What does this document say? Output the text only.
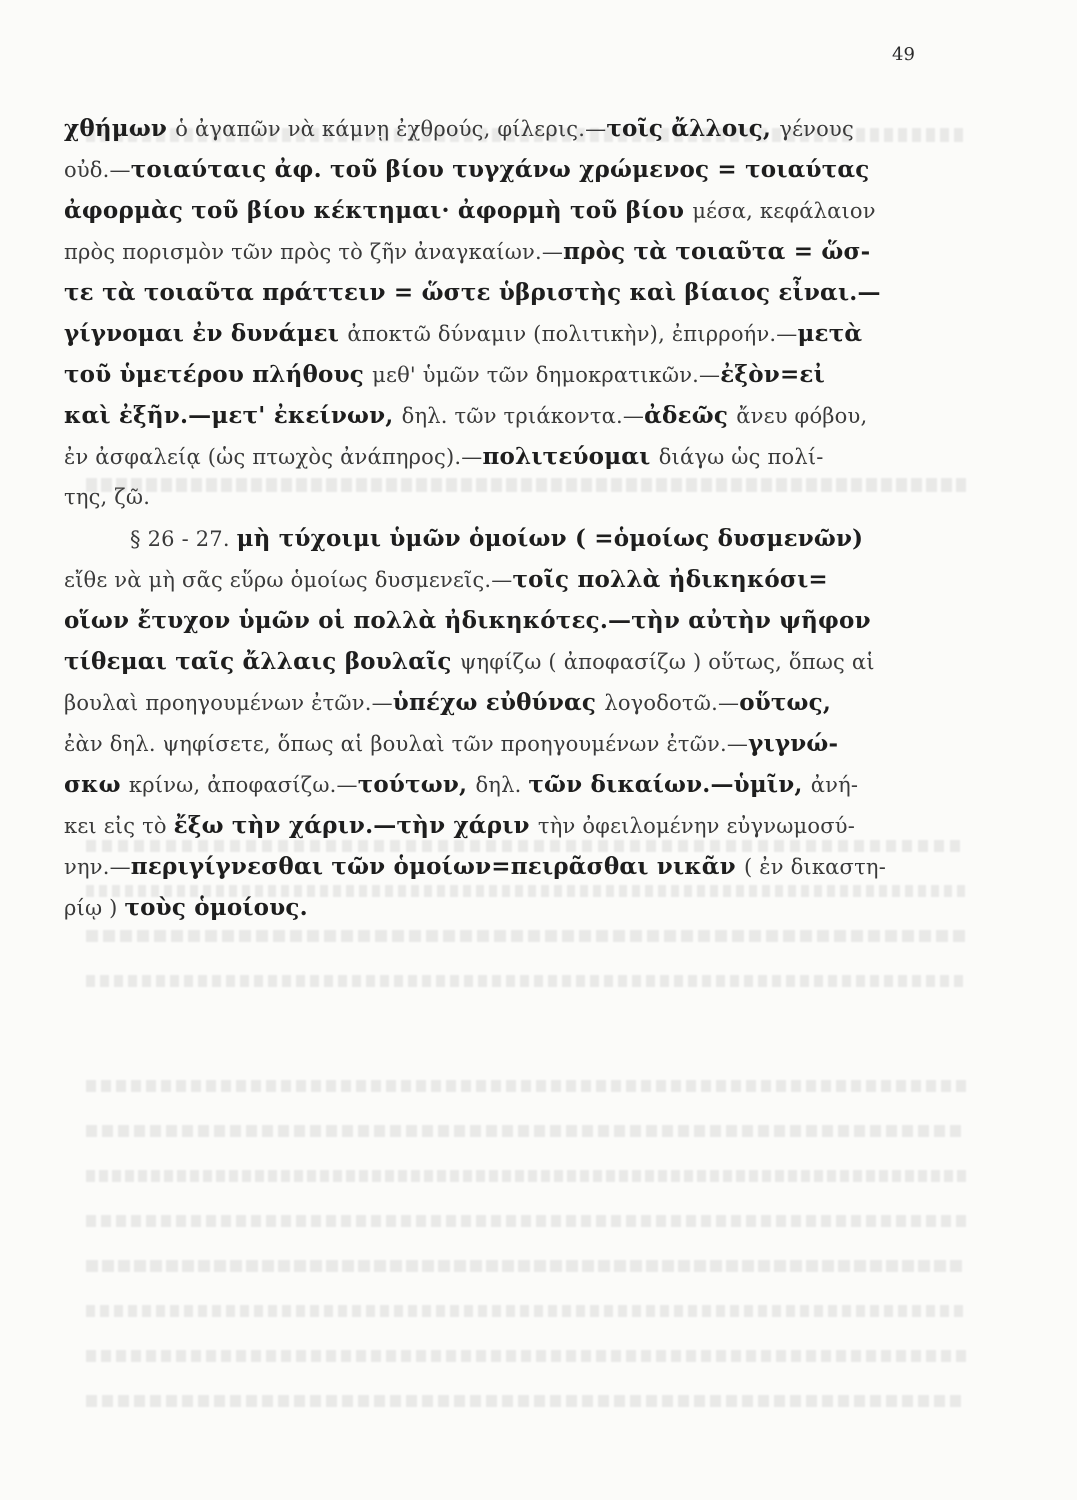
49
χθήμων ὁ ἀγαπῶν νὰ κάμνῃ ἐχθρούς, φίλερις.—τοῖς ἄλλοις, γένους
οὐδ.—τοιαύταις ἀφ. τοῦ βίου τυγχάνω χρώμενος = τοιαύτας
ἀφορμὰς τοῦ βίου κέκτημαι· ἀφορμὴ τοῦ βίου μέσα, κεφάλαιον
πρὸς πορισμὸν τῶν πρὸς τὸ ζῆν ἀναγκαίων.—πρὸς τὰ τοιαῦτα = ὥσ-
τε τὰ τοιαῦτα πράττειν = ὥστε ὑβριστὴς καὶ βίαιος εἶναι.—
γίγνομαι ἐν δυνάμει ἀποκτῶ δύναμιν (πολιτικὴν), ἐπιρροήν.—μετὰ
τοῦ ὑμετέρου πλήθους μεθ' ὑμῶν τῶν δημοκρατικῶν.—ἐξὸν=εἰ
καὶ ἐξῆν.—μετ' ἐκείνων, δηλ. τῶν τριάκοντα.—ἀδεῶς ἄνευ φόβου,
ἐν ἀσφαλείᾳ (ὡς πτωχὸς ἀνάπηρος).—πολιτεύομαι διάγω ὡς πολί-
της, ζῶ.
§ 26 - 27. μὴ τύχοιμι ὑμῶν ὁμοίων ( =ὁμοίως δυσμενῶν)
εἴθε νὰ μὴ σᾶς εὕρω ὁμοίως δυσμενεῖς.—τοῖς πολλὰ ἠδικηκόσι=
οἵων ἔτυχον ὑμῶν οἱ πολλὰ ἠδικηκότες.—τὴν αὐτὴν ψῆφον
τίθεμαι ταῖς ἄλλαις βουλαῖς ψηφίζω ( ἀποφασίζω ) οὕτως, ὅπως αἱ
βουλαὶ προηγουμένων ἐτῶν.—ὑπέχω εὐθύνας λογοδοτῶ.—οὕτως,
ἐὰν δηλ. ψηφίσετε, ὅπως αἱ βουλαὶ τῶν προηγουμένων ἐτῶν.—γιγνώ-
σκω κρίνω, ἀποφασίζω.—τούτων, δηλ. τῶν δικαίων.—ὑμῖν, ἀνή-
κει εἰς τὸ ἔξω τὴν χάριν.—τὴν χάριν τὴν ὀφειλομένην εὐγνωμοσύ-
νην.—περιγίγνεσθαι τῶν ὁμοίων=πειρᾶσθαι νικᾶν ( ἐν δικαστη-
ρίῳ ) τοὺς ὁμοίους.
